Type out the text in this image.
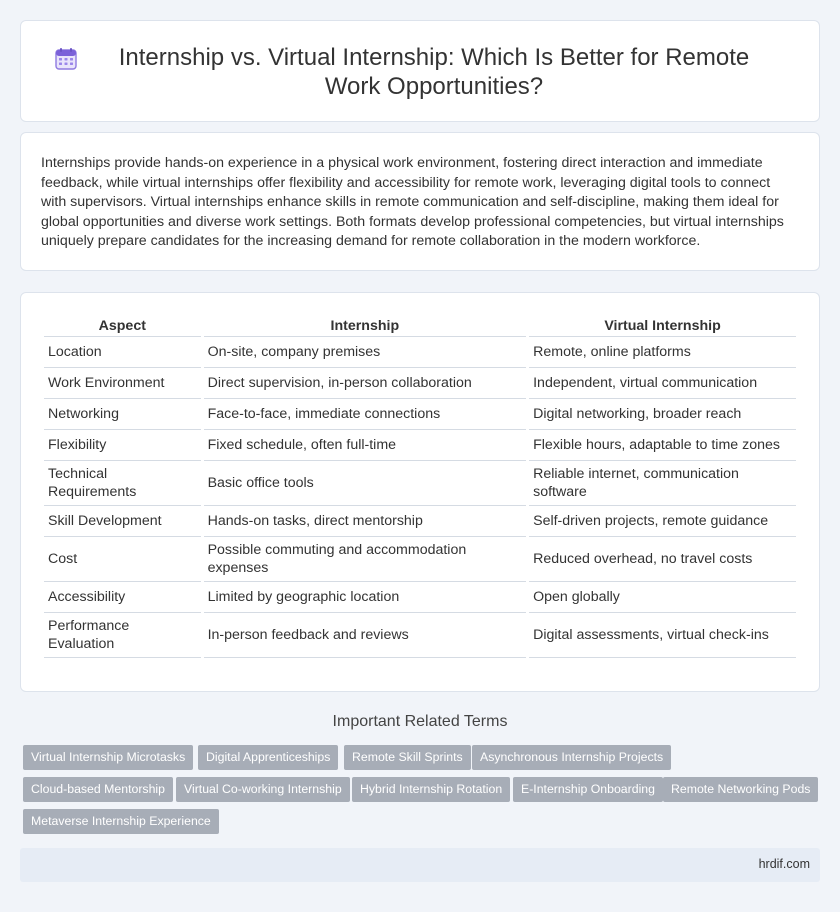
Internship vs. Virtual Internship: Which Is Better for Remote Work Opportunities?

Internships provide hands-on experience in a physical work environment, fostering direct interaction and immediate feedback, while virtual internships offer flexibility and accessibility for remote work, leveraging digital tools to connect with supervisors. Virtual internships enhance skills in remote communication and self-discipline, making them ideal for global opportunities and diverse work settings. Both formats develop professional competencies, but virtual internships uniquely prepare candidates for the increasing demand for remote collaboration in the modern workforce.

Aspect	Internship	Virtual Internship
Location	On-site, company premises	Remote, online platforms
Work Environment	Direct supervision, in-person collaboration	Independent, virtual communication
Networking	Face-to-face, immediate connections	Digital networking, broader reach
Flexibility	Fixed schedule, often full-time	Flexible hours, adaptable to time zones
Technical Requirements	Basic office tools	Reliable internet, communication software
Skill Development	Hands-on tasks, direct mentorship	Self-driven projects, remote guidance
Cost	Possible commuting and accommodation expenses	Reduced overhead, no travel costs
Accessibility	Limited by geographic location	Open globally
Performance Evaluation	In-person feedback and reviews	Digital assessments, virtual check-ins
Important Related Terms
Virtual Internship Microtasks	Digital Apprenticeships	Remote Skill Sprints	Asynchronous Internship Projects
Cloud-based Mentorship	Virtual Co-working Internship	Hybrid Internship Rotation	E-Internship Onboarding	Remote Networking Pods
Metaverse Internship Experience
hrdif.com
